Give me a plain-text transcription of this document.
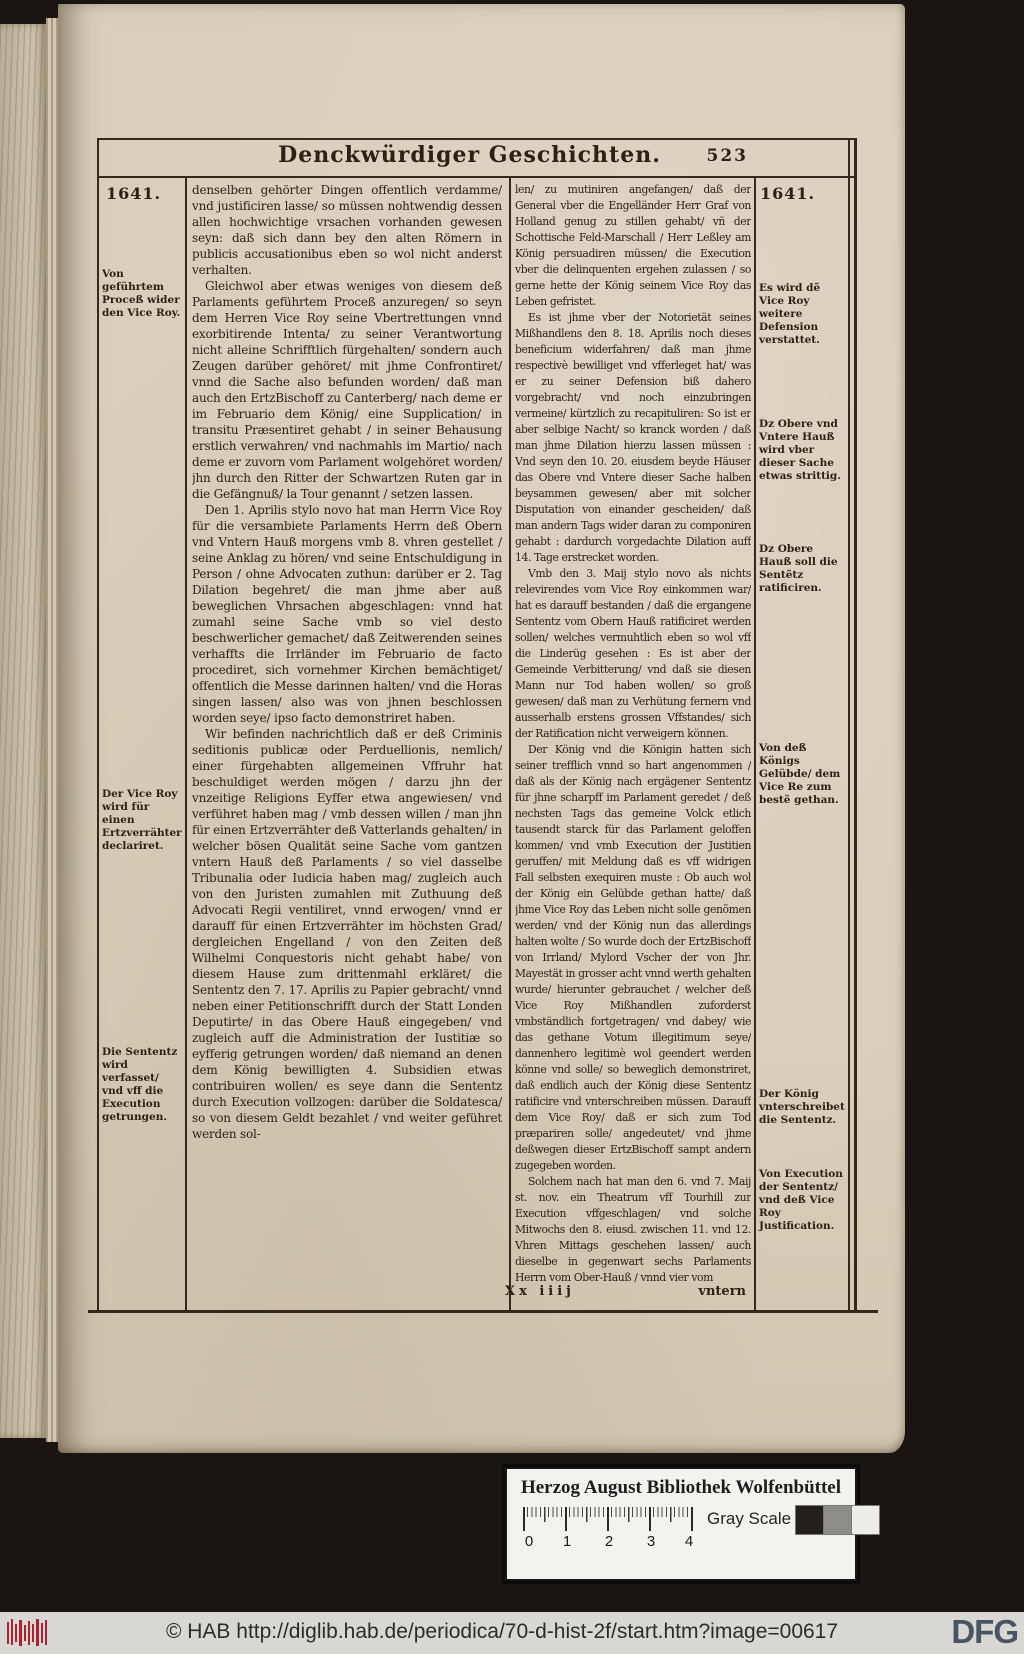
Denckwürdiger Geschichten.	523
1641.	1641.
Von geführtem Proceß wider den Vice Roy.
Der Vice Roy wird für einen Ertzverrähter declariret.
Die Sententz wird verfasset/ vnd vff die Execution getrungen.
Es wird dẽ Vice Roy weitere Defension verstattet.
Dz Obere vnd Vntere Hauß wird vber dieser Sache etwas strittig.
Dz Obere Hauß soll die Sentẽtz ratificiren.
Von deß Königs Gelübde/ dem Vice Re zum bestẽ gethan.
Der König vnterschreibet die Sententz.
Von Execution der Sententz/ vnd deß Vice Roy Justification.

denselben gehörter Dingen offentlich verdamme/ vnd justificiren lasse/ so müssen nohtwendig dessen allen hochwichtige vrsachen vorhanden gewesen seyn: daß sich dann bey den alten Römern in publicis accusationibus eben so wol nicht anderst verhalten.

Gleichwol aber etwas weniges von diesem deß Parlaments geführtem Proceß anzuregen/ so seyn dem Herren Vice Roy seine Vbertrettungen vnnd exorbitirende Intenta/ zu seiner Verantwortung nicht alleine Schrifftlich fürgehalten/ sondern auch Zeugen darüber gehöret/ mit jhme Confrontiret/ vnnd die Sache also befunden worden/ daß man auch den ErtzBischoff zu Canterberg/ nach deme er im Februario dem König/ eine Supplication/ in transitu Præsentiret gehabt / in seiner Behausung erstlich verwahren/ vnd nachmahls im Martio/ nach deme er zuvorn vom Parlament wolgehöret worden/ jhn durch den Ritter der Schwartzen Ruten gar in die Gefängnuß/ la Tour genannt / setzen lassen.

Den 1. Aprilis stylo novo hat man Herrn Vice Roy für die versambiete Parlaments Herrn deß Obern vnd Vntern Hauß morgens vmb 8. vhren gestellet / seine Anklag zu hören/ vnd seine Entschuldigung in Person / ohne Advocaten zuthun: darüber er 2. Tag Dilation begehret/ die man jhme aber auß beweglichen Vhrsachen abgeschlagen: vnnd hat zumahl seine Sache vmb so viel desto beschwerlicher gemachet/ daß Zeitwerenden seines verhaffts die Irrländer im Februario de facto procediret, sich vornehmer Kirchen bemächtiget/ offentlich die Messe darinnen halten/ vnd die Horas singen lassen/ also was von jhnen beschlossen worden seye/ ipso facto demonstriret haben.

Wir befinden nachrichtlich daß er deß Criminis seditionis publicæ oder Perduellionis, nemlich/ einer fürgehabten allgemeinen Vffruhr hat beschuldiget werden mögen / darzu jhn der vnzeitige Religions Eyffer etwa angewiesen/ vnd verführet haben mag / vmb dessen willen / man jhn für einen Ertzverrähter deß Vatterlands gehalten/ in welcher bösen Qualität seine Sache vom gantzen vntern Hauß deß Parlaments / so viel dasselbe Tribunalia oder Iudicia haben mag/ zugleich auch von den Juristen zumahlen mit Zuthuung deß Advocati Regii ventiliret, vnnd erwogen/ vnnd er darauff für einen Ertzverrähter im höchsten Grad/ dergleichen Engelland / von den Zeiten deß Wilhelmi Conquestoris nicht gehabt habe/ von diesem Hause zum drittenmahl erkläret/ die Sententz den 7. 17. Aprilis zu Papier gebracht/ vnnd neben einer Petitionschrifft durch der Statt Londen Deputirte/ in das Obere Hauß eingegeben/ vnd zugleich auff die Administration der Iustitiæ so eyfferig getrungen worden/ daß niemand an denen dem König bewilligten 4. Subsidien etwas contribuiren wollen/ es seye dann die Sententz durch Execution vollzogen: darüber die Soldatesca/ so von diesem Geldt bezahlet / vnd weiter geführet werden sol-

len/ zu mutiniren angefangen/ daß der General vber die Engelländer Herr Graf von Holland genug zu stillen gehabt/ vñ der Schottische Feld-Marschall / Herr Leßley am König persuadiren müssen/ die Execution vber die delinquenten ergehen zulassen / so gerne hette der König seinem Vice Roy das Leben gefristet.

Es ist jhme vber der Notorietät seines Mißhandlens den 8. 18. Aprilis noch dieses beneficium widerfahren/ daß man jhme respectivè bewilliget vnd vfferleget hat/ was er zu seiner Defension biß dahero vorgebracht/ vnd noch einzubringen vermeine/ kürtzlich zu recapituliren: So ist er aber selbige Nacht/ so kranck worden / daß man jhme Dilation hierzu lassen müssen : Vnd seyn den 10. 20. eiusdem beyde Häuser das Obere vnd Vntere dieser Sache halben beysammen gewesen/ aber mit solcher Disputation von einander gescheiden/ daß man andern Tags wider daran zu componiren gehabt : dardurch vorgedachte Dilation auff 14. Tage erstrecket worden.

Vmb den 3. Maij stylo novo als nichts relevirendes vom Vice Roy einkommen war/ hat es darauff bestanden / daß die ergangene Sententz vom Obern Hauß ratificiret werden sollen/ welches vermuhtlich eben so wol vff die Linderüg gesehen : Es ist aber der Gemeinde Verbitterung/ vnd daß sie diesen Mann nur Tod haben wollen/ so groß gewesen/ daß man zu Verhütung fernern vnd ausserhalb erstens grossen Vffstandes/ sich der Ratification nicht verweigern können.

Der König vnd die Königin hatten sich seiner trefflich vnnd so hart angenommen / daß als der König nach ergägener Sententz für jhne scharpff im Parlament geredet / deß nechsten Tags das gemeine Volck etlich tausendt starck für das Parlament geloffen kommen/ vnd vmb Execution der Justitien geruffen/ mit Meldung daß es vff widrigen Fall selbsten exequiren muste : Ob auch wol der König ein Gelübde gethan hatte/ daß jhme Vice Roy das Leben nicht solle genõmen werden/ vnd der König nun das allerdings halten wolte / So wurde doch der ErtzBischoff von Irrland/ Mylord Vscher der von Jhr. Mayestät in grosser acht vnnd werth gehalten wurde/ hierunter gebrauchet / welcher deß Vice Roy Mißhandlen zuforderst vmbständlich fortgetragen/ vnd dabey/ wie das gethane Votum illegitimum seye/ dannenhero legitimè wol geendert werden könne vnd solle/ so beweglich demonstriret, daß endlich auch der König diese Sententz ratificire vnd vnterschreiben müssen. Darauff dem Vice Roy/ daß er sich zum Tod præpariren solle/ angedeutet/ vnd jhme deßwegen dieser ErtzBischoff sampt andern zugegeben worden.

Solchem nach hat man den 6. vnd 7. Maij st. nov. ein Theatrum vff Tourhill zur Execution vffgeschlagen/ vnd solche Mitwochs den 8. eiusd. zwischen 11. vnd 12. Vhren Mittags geschehen lassen/ auch dieselbe in gegenwart sechs Parlaments Herrn vom Ober-Hauß / vnnd vier vom

Xx iiij	vntern
Herzog August Bibliothek Wolfenbüttel
0 1 2 3 4
Gray Scale
© HAB http://diglib.hab.de/periodica/70-d-hist-2f/start.htm?image=00617	DFG
